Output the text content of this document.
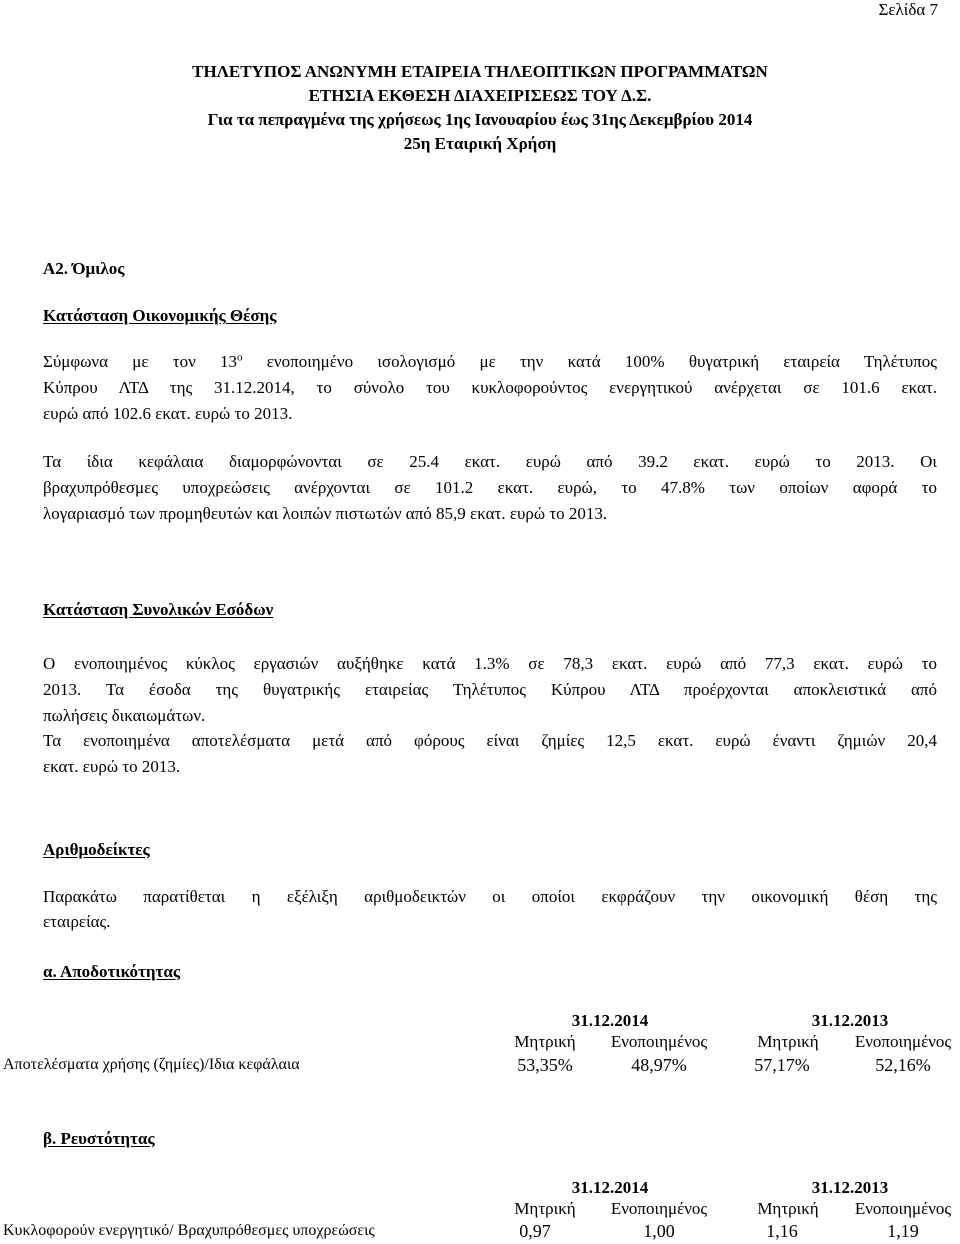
Σελίδα 7
ΤΗΛΕΤΥΠΟΣ ΑΝΩΝΥΜΗ ΕΤΑΙΡΕΙΑ ΤΗΛΕΟΠΤΙΚΩΝ ΠΡΟΓΡΑΜΜΑΤΩΝ
ΕΤΗΣΙΑ ΕΚΘΕΣΗ ΔΙΑΧΕΙΡΙΣΕΩΣ ΤΟΥ Δ.Σ.
Για τα πεπραγμένα της χρήσεως 1ης Ιανουαρίου έως 31ης Δεκεμβρίου 2014
25η Εταιρική Χρήση
Α2. Όμιλος
Κατάσταση Οικονομικής Θέσης
Σύμφωνα με τον $13^o$ ενοποιημένο ισολογισμό με την κατά 100% θυγατρική εταιρεία Τηλέτυπος
Κύπρου ΛΤΔ της 31.12.2014, το σύνολο του κυκλοφορούντος ενεργητικού ανέρχεται σε 101.6 εκατ.
ευρώ από 102.6 εκατ. ευρώ το 2013.
Τα ίδια κεφάλαια διαμορφώνονται σε 25.4 εκατ. ευρώ από 39.2 εκατ. ευρώ το 2013. Οι
βραχυπρόθεσμες υποχρεώσεις ανέρχονται σε 101.2 εκατ. ευρώ, το 47.8% των οποίων αφορά το
λογαριασμό των προμηθευτών και λοιπών πιστωτών από 85,9 εκατ. ευρώ το 2013.
Κατάσταση Συνολικών Εσόδων
Ο ενοποιημένος κύκλος εργασιών αυξήθηκε κατά 1.3% σε 78,3 εκατ. ευρώ από 77,3 εκατ. ευρώ το
2013. Τα έσοδα της θυγατρικής εταιρείας Τηλέτυπος Κύπρου ΛΤΔ προέρχονται αποκλειστικά από
πωλήσεις δικαιωμάτων.
Τα ενοποιημένα αποτελέσματα μετά από φόρους είναι ζημίες 12,5 εκατ. ευρώ έναντι ζημιών 20,4
εκατ. ευρώ το 2013.
Αριθμοδείκτες
Παρακάτω παρατίθεται η εξέλιξη αριθμοδεικτών οι οποίοι εκφράζουν την οικονομική θέση της
εταιρείας.
α. Αποδοτικότητας
31.12.2014	31.12.2013
Μητρική	Ενοποιημένος	Μητρική	Ενοποιημένος
Αποτελέσματα χρήσης (ζημίες)/Ιδια κεφάλαια	53,35%	48,97%	57,17%	52,16%
β. Ρευστότητας
31.12.2014	31.12.2013
Μητρική	Ενοποιημένος	Μητρική	Ενοποιημένος
Κυκλοφορούν ενεργητικό/ Βραχυπρόθεσμες υποχρεώσεις	0,97	1,00	1,16	1,19
